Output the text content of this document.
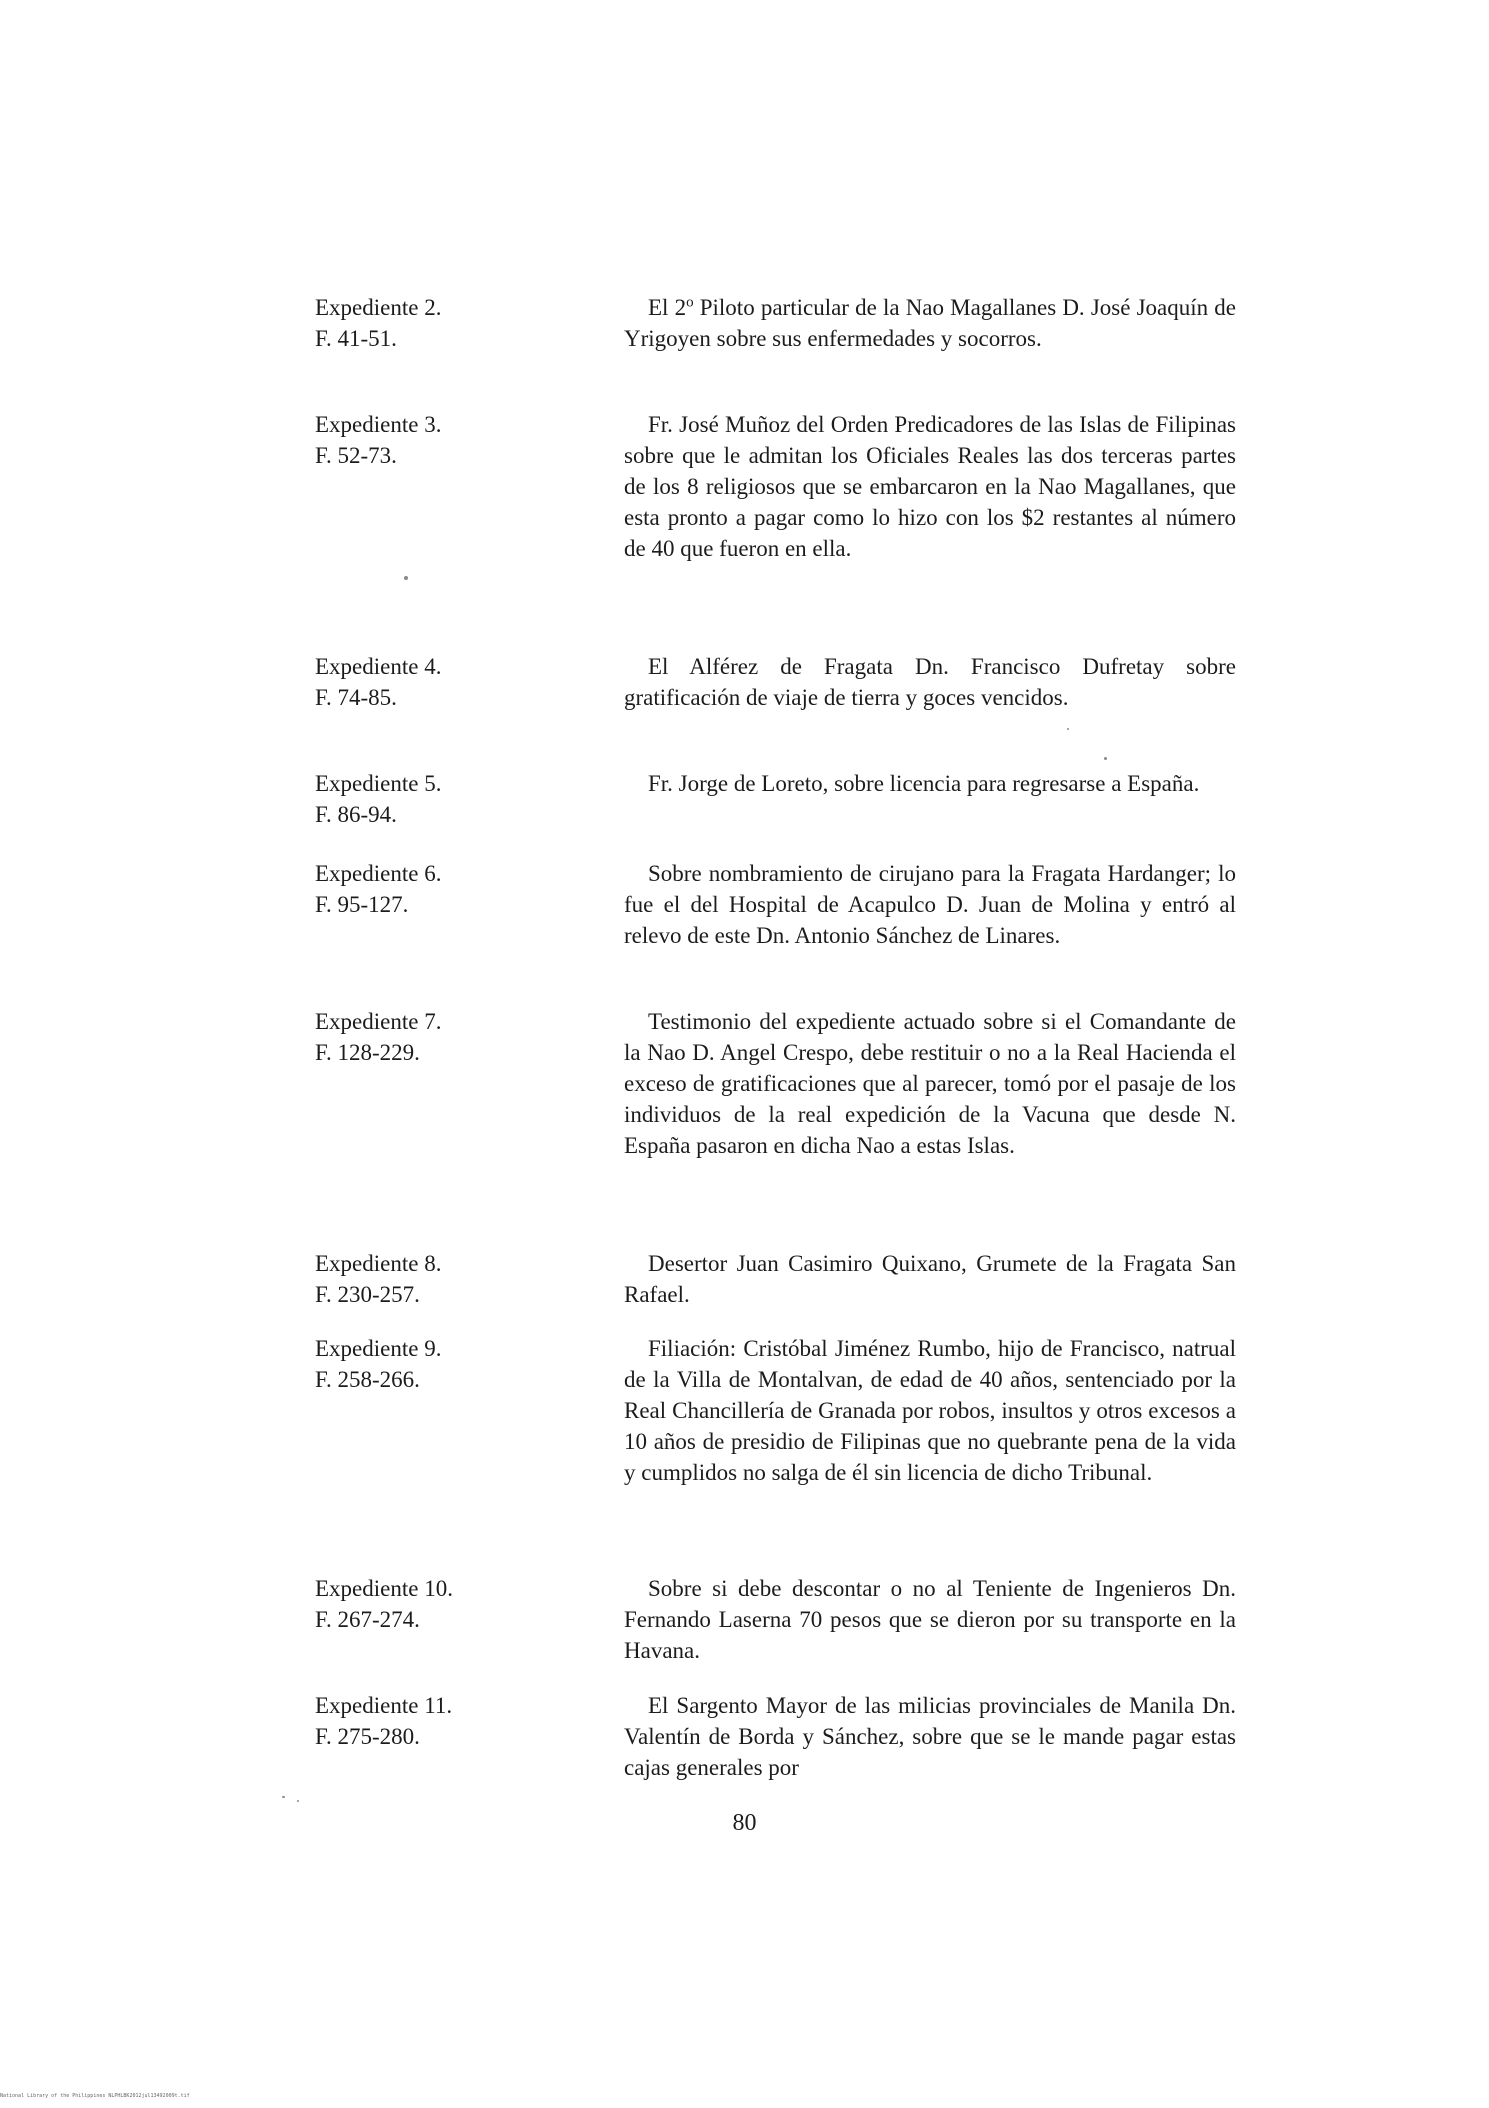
Expediente 2.
F. 41-51.

El 2$^o$ Piloto particular de la Nao Magallanes D. José Joaquín de Yrigoyen sobre sus enfermedades y socorros.

Expediente 3.
F. 52-73.

Fr. José Muñoz del Orden Predicadores de las Islas de Filipinas sobre que le admitan los Oficiales Reales las dos terceras partes de los 8 religiosos que se embarcaron en la Nao Magallanes, que esta pronto a pagar como lo hizo con los $2 restantes al número de 40 que fueron en ella.

Expediente 4.
F. 74-85.

El Alférez de Fragata Dn. Francisco Dufretay sobre gratificación de viaje de tierra y goces vencidos.

Expediente 5.
F. 86-94.

Fr. Jorge de Loreto, sobre licencia para regresarse a España.

Expediente 6.
F. 95-127.

Sobre nombramiento de cirujano para la Fragata Hardanger; lo fue el del Hospital de Acapulco D. Juan de Molina y entró al relevo de este Dn. Antonio Sánchez de Linares.

Expediente 7.
F. 128-229.

Testimonio del expediente actuado sobre si el Comandante de la Nao D. Angel Crespo, debe restituir o no a la Real Hacienda el exceso de gratificaciones que al parecer, tomó por el pasaje de los individuos de la real expedición de la Vacuna que desde N. España pasaron en dicha Nao a estas Islas.

Expediente 8.
F. 230-257.

Desertor Juan Casimiro Quixano, Grumete de la Fragata San Rafael.

Expediente 9.
F. 258-266.

Filiación: Cristóbal Jiménez Rumbo, hijo de Francisco, natrual de la Villa de Montalvan, de edad de 40 años, sentenciado por la Real Chancillería de Granada por robos, insultos y otros excesos a 10 años de presidio de Filipinas que no quebrante pena de la vida y cumplidos no salga de él sin licencia de dicho Tribunal.

Expediente 10.
F. 267-274.

Sobre si debe descontar o no al Teniente de Ingenieros Dn. Fernando Laserna 70 pesos que se dieron por su transporte en la Havana.

Expediente 11.
F. 275-280.

El Sargento Mayor de las milicias provinciales de Manila Dn. Valentín de Borda y Sánchez, sobre que se le mande pagar estas cajas generales por

80
National Library of the Philippines NLPHLBK2012jul13492009t.tif
